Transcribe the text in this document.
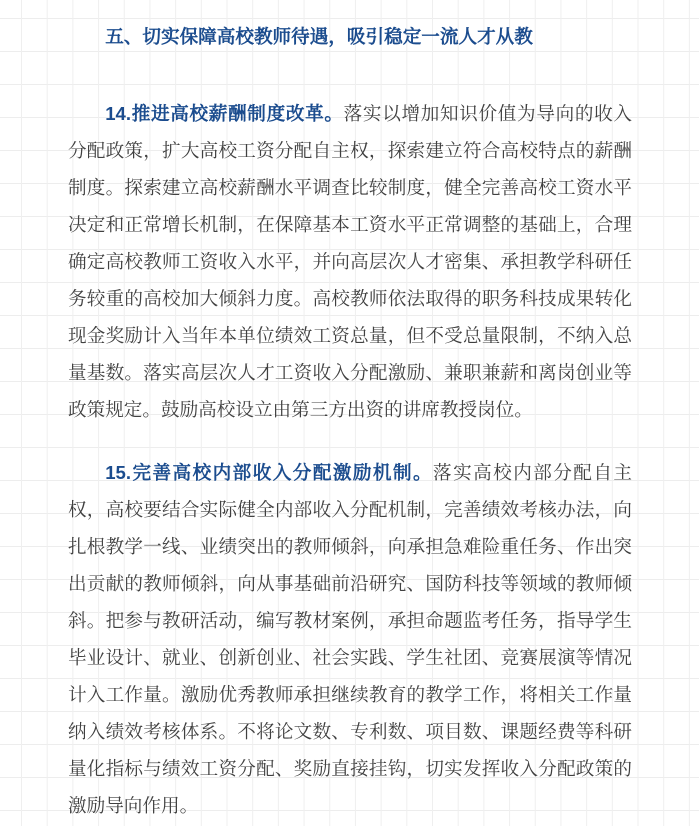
五、切实保障高校教师待遇，吸引稳定一流人才从教

14.推进高校薪酬制度改革。落实以增加知识价值为导向的收入分配政策，扩大高校工资分配自主权，探索建立符合高校特点的薪酬制度。探索建立高校薪酬水平调查比较制度，健全完善高校工资水平决定和正常增长机制，在保障基本工资水平正常调整的基础上，合理确定高校教师工资收入水平，并向高层次人才密集、承担教学科研任务较重的高校加大倾斜力度。高校教师依法取得的职务科技成果转化现金奖励计入当年本单位绩效工资总量，但不受总量限制，不纳入总量基数。落实高层次人才工资收入分配激励、兼职兼薪和离岗创业等政策规定。鼓励高校设立由第三方出资的讲席教授岗位。

15.完善高校内部收入分配激励机制。落实高校内部分配自主权，高校要结合实际健全内部收入分配机制，完善绩效考核办法，向扎根教学一线、业绩突出的教师倾斜，向承担急难险重任务、作出突出贡献的教师倾斜，向从事基础前沿研究、国防科技等领域的教师倾斜。把参与教研活动，编写教材案例，承担命题监考任务，指导学生毕业设计、就业、创新创业、社会实践、学生社团、竞赛展演等情况计入工作量。激励优秀教师承担继续教育的教学工作，将相关工作量纳入绩效考核体系。不将论文数、专利数、项目数、课题经费等科研量化指标与绩效工资分配、奖励直接挂钩，切实发挥收入分配政策的激励导向作用。
